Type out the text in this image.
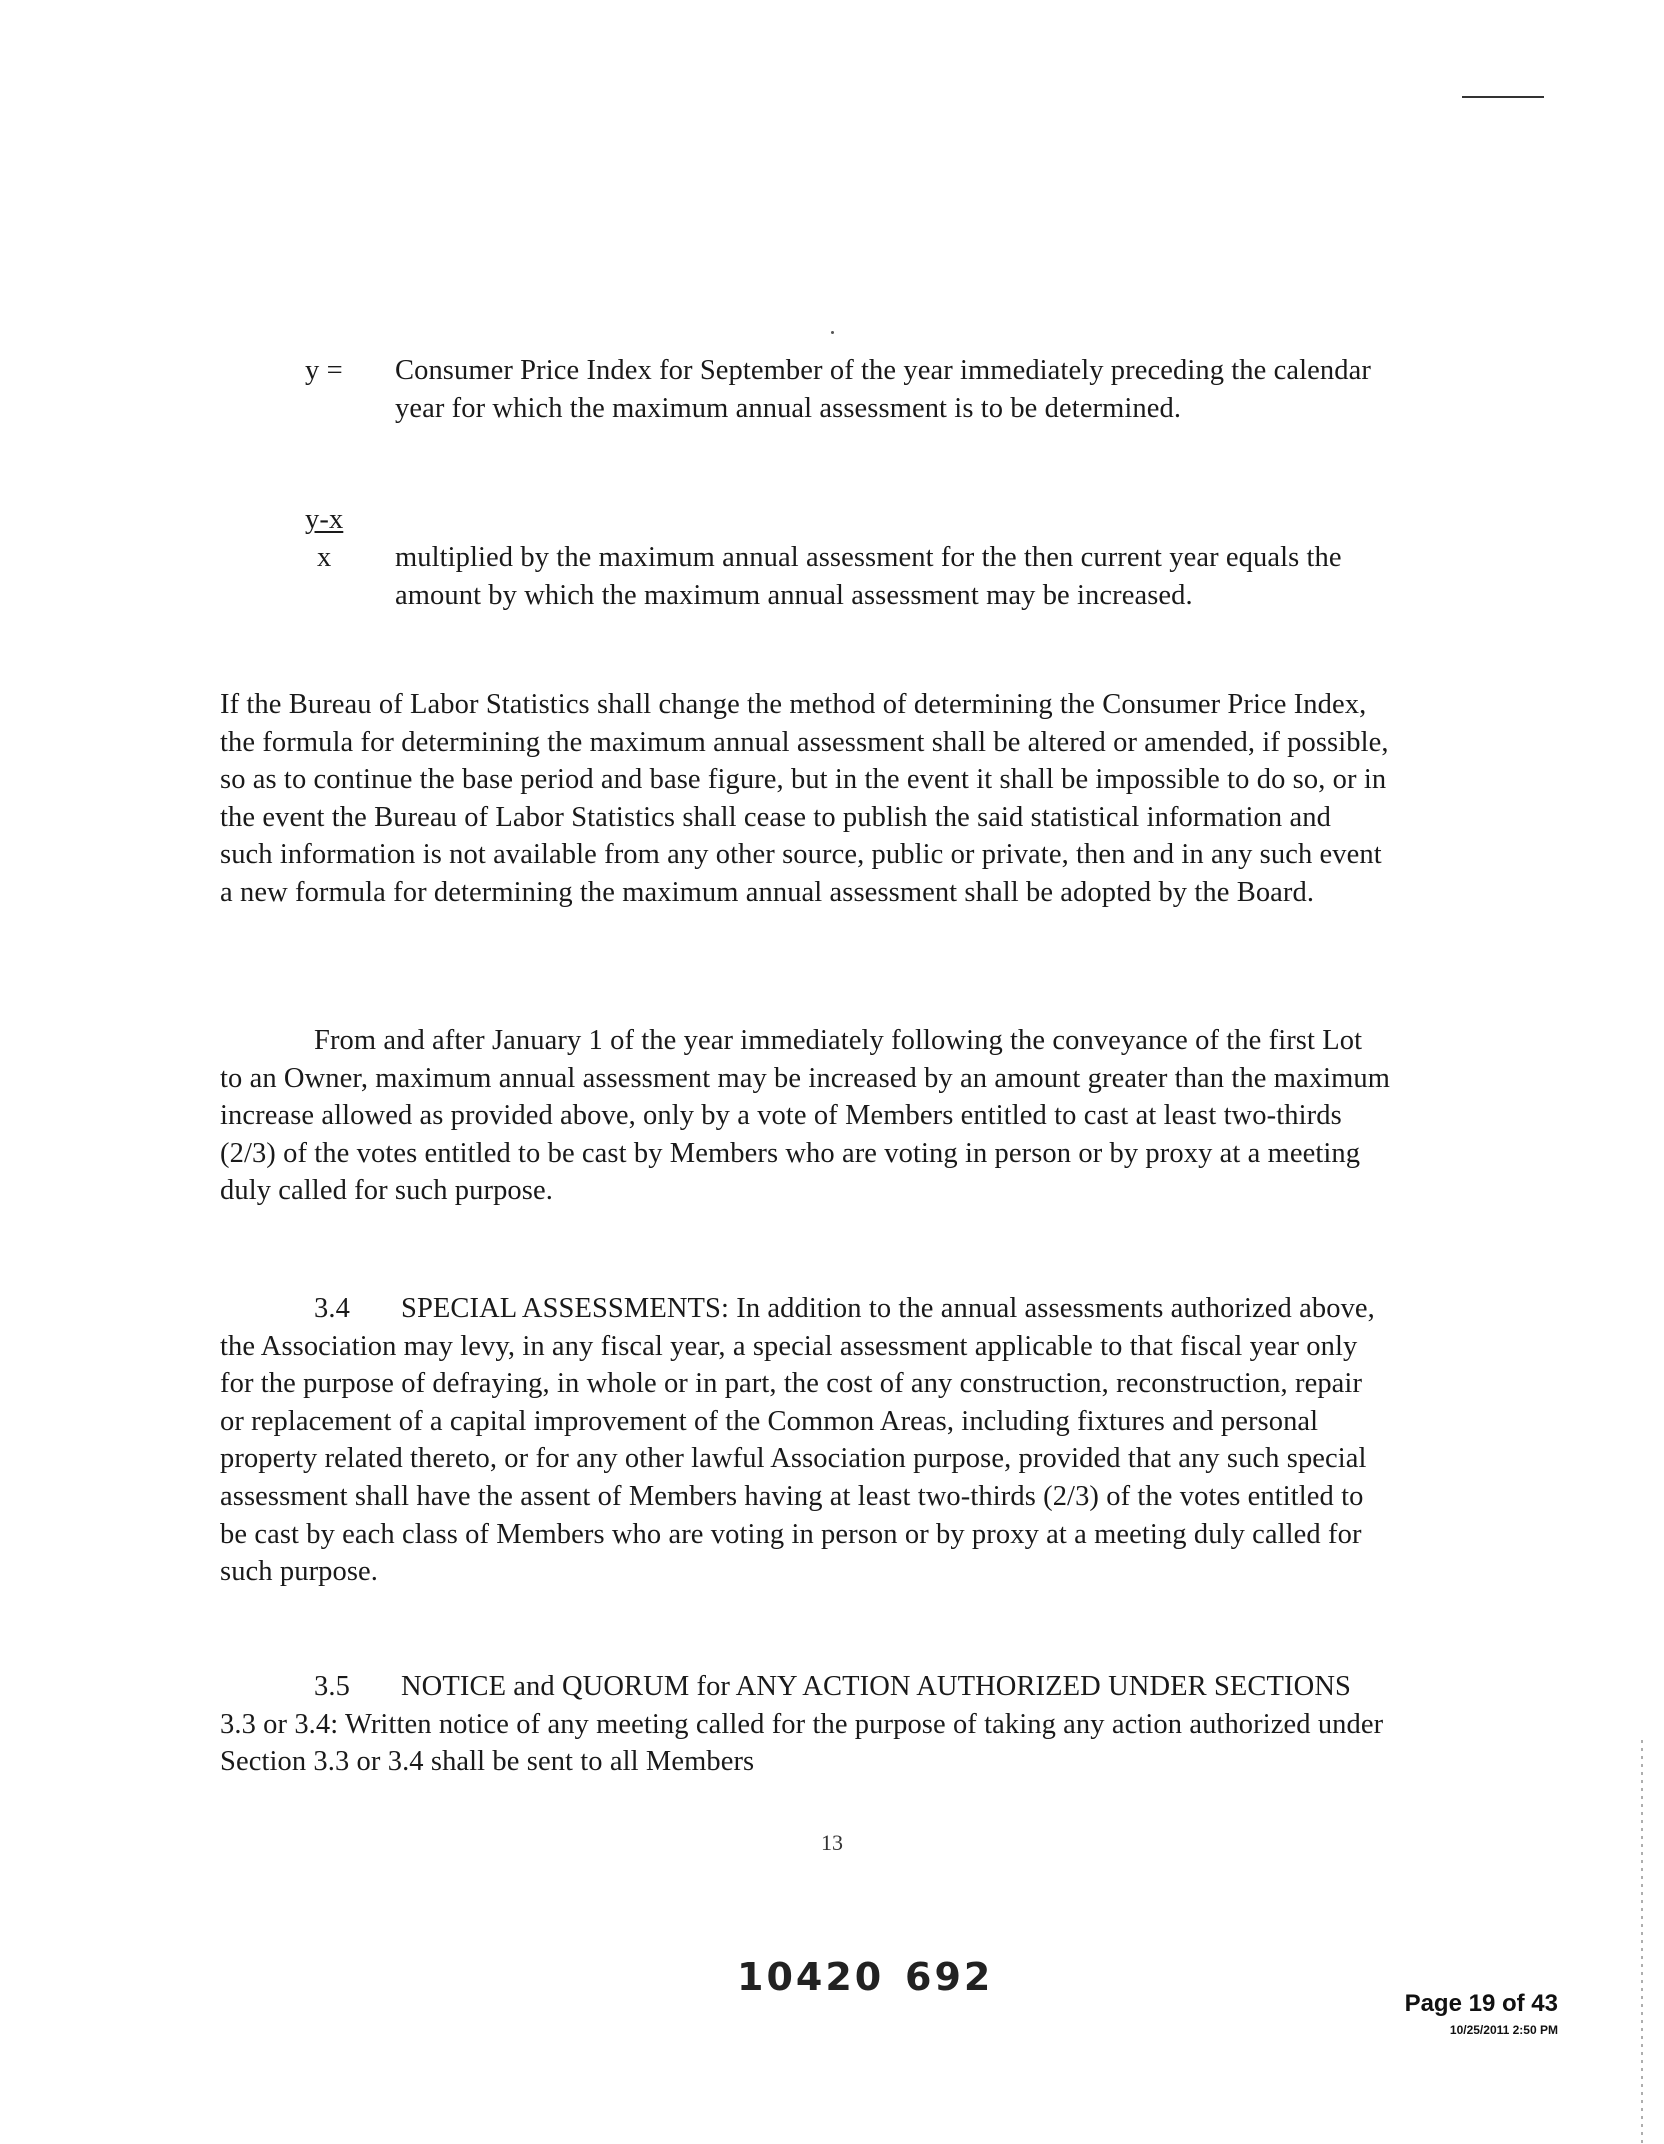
y =	Consumer Price Index for September of the year immediately preceding the calendar year for which the maximum annual assessment is to be determined.
$\frac{y-x}{x}$ multiplied by the maximum annual assessment for the then current year equals the amount by which the maximum annual assessment may be increased.
If the Bureau of Labor Statistics shall change the method of determining the Consumer Price Index, the formula for determining the maximum annual assessment shall be altered or amended, if possible, so as to continue the base period and base figure, but in the event it shall be impossible to do so, or in the event the Bureau of Labor Statistics shall cease to publish the said statistical information and such information is not available from any other source, public or private, then and in any such event a new formula for determining the maximum annual assessment shall be adopted by the Board.
From and after January 1 of the year immediately following the conveyance of the first Lot to an Owner, maximum annual assessment may be increased by an amount greater than the maximum increase allowed as provided above, only by a vote of Members entitled to cast at least two-thirds (2/3) of the votes entitled to be cast by Members who are voting in person or by proxy at a meeting duly called for such purpose.
3.4 SPECIAL ASSESSMENTS: In addition to the annual assessments authorized above, the Association may levy, in any fiscal year, a special assessment applicable to that fiscal year only for the purpose of defraying, in whole or in part, the cost of any construction, reconstruction, repair or replacement of a capital improvement of the Common Areas, including fixtures and personal property related thereto, or for any other lawful Association purpose, provided that any such special assessment shall have the assent of Members having at least two-thirds (2/3) of the votes entitled to be cast by each class of Members who are voting in person or by proxy at a meeting duly called for such purpose.
3.5 NOTICE and QUORUM for ANY ACTION AUTHORIZED UNDER SECTIONS 3.3 or 3.4: Written notice of any meeting called for the purpose of taking any action authorized under Section 3.3 or 3.4 shall be sent to all Members
13
10420 692
Page 19 of 43
10/25/2011 2:50 PM
